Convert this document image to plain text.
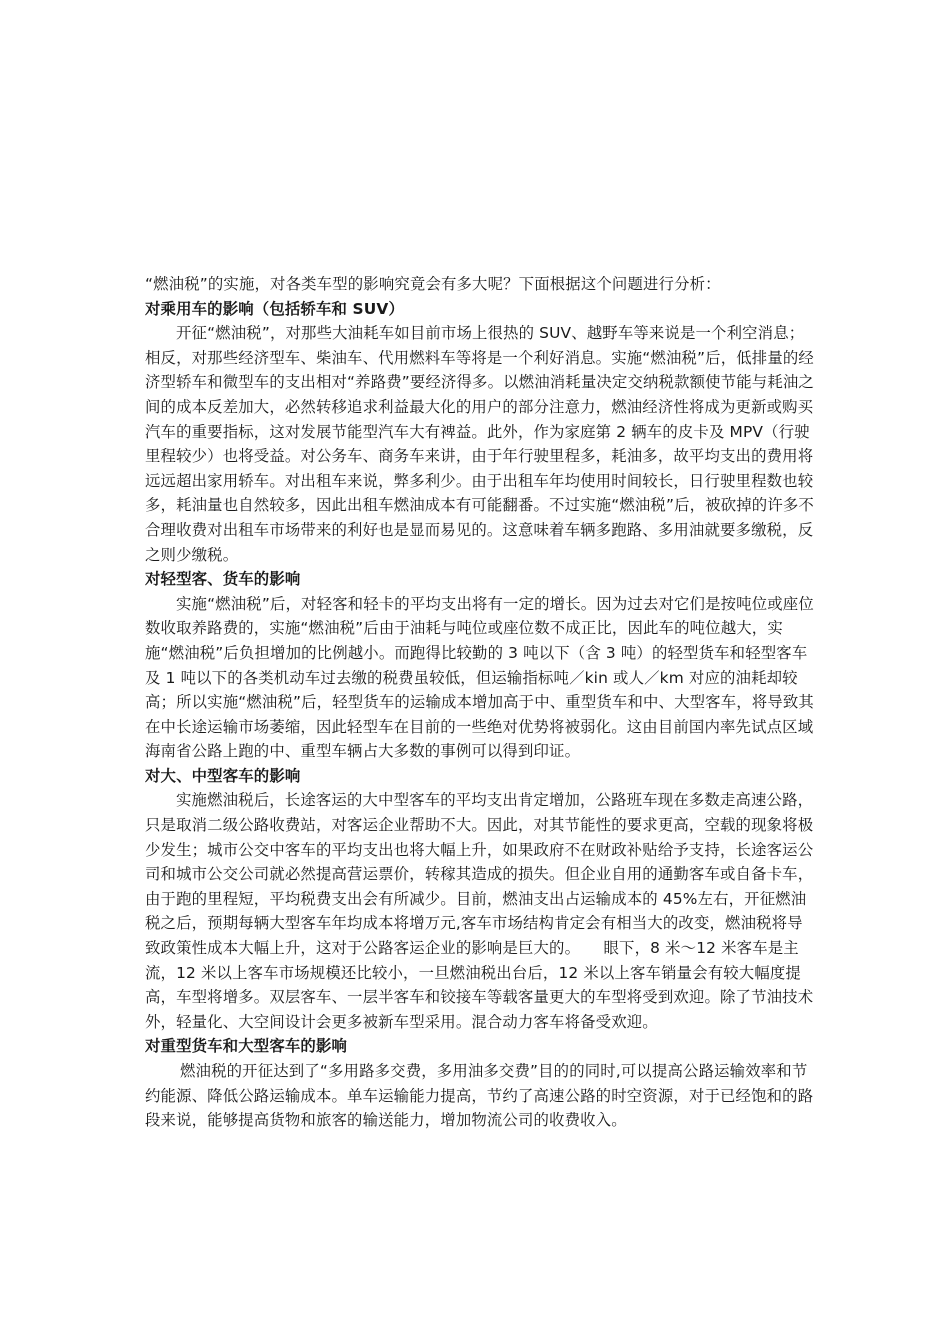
“燃油税”的实施，对各类车型的影响究竟会有多大呢？下面根据这个问题进行分析：

对乘用车的影响（包括轿车和 SUV）

开征“燃油税”，对那些大油耗车如目前市场上很热的 SUV、越野车等来说是一个利空消息；相反，对那些经济型车、柴油车、代用燃料车等将是一个利好消息。实施“燃油税”后，低排量的经济型轿车和微型车的支出相对“养路费”要经济得多。以燃油消耗量决定交纳税款额使节能与耗油之间的成本反差加大，必然转移追求利益最大化的用户的部分注意力，燃油经济性将成为更新或购买汽车的重要指标，这对发展节能型汽车大有裨益。此外，作为家庭第 2 辆车的皮卡及 MPV（行驶里程较少）也将受益。对公务车、商务车来讲，由于年行驶里程多，耗油多，故平均支出的费用将远远超出家用轿车。对出租车来说，弊多利少。由于出租车年均使用时间较长，日行驶里程数也较多，耗油量也自然较多，因此出租车燃油成本有可能翻番。不过实施“燃油税”后，被砍掉的许多不合理收费对出租车市场带来的利好也是显而易见的。这意味着车辆多跑路、多用油就要多缴税，反之则少缴税。

对轻型客、货车的影响

实施“燃油税”后，对轻客和轻卡的平均支出将有一定的增长。因为过去对它们是按吨位或座位数收取养路费的，实施“燃油税”后由于油耗与吨位或座位数不成正比，因此车的吨位越大，实施“燃油税”后负担增加的比例越小。而跑得比较勤的 3 吨以下（含 3 吨）的轻型货车和轻型客车及 1 吨以下的各类机动车过去缴的税费虽较低，但运输指标吨／kin 或人／km 对应的油耗却较高；所以实施“燃油税”后，轻型货车的运输成本增加高于中、重型货车和中、大型客车，将导致其在中长途运输市场萎缩，因此轻型车在目前的一些绝对优势将被弱化。这由目前国内率先试点区域海南省公路上跑的中、重型车辆占大多数的事例可以得到印证。

对大、中型客车的影响

实施燃油税后，长途客运的大中型客车的平均支出肯定增加，公路班车现在多数走高速公路，只是取消二级公路收费站，对客运企业帮助不大。因此，对其节能性的要求更高，空载的现象将极少发生；城市公交中客车的平均支出也将大幅上升，如果政府不在财政补贴给予支持，长途客运公司和城市公交公司就必然提高营运票价，转稼其造成的损失。但企业自用的通勤客车或自备卡车，由于跑的里程短，平均税费支出会有所减少。目前，燃油支出占运输成本的 45%左右，开征燃油税之后，预期每辆大型客车年均成本将增万元,客车市场结构肯定会有相当大的改变，燃油税将导致政策性成本大幅上升，这对于公路客运企业的影响是巨大的。　　眼下，8 米～12 米客车是主流，12 米以上客车市场规模还比较小，一旦燃油税出台后，12 米以上客车销量会有较大幅度提高，车型将增多。双层客车、一层半客车和铰接车等载客量更大的车型将受到欢迎。除了节油技术外，轻量化、大空间设计会更多被新车型采用。混合动力客车将备受欢迎。

对重型货车和大型客车的影响

燃油税的开征达到了“多用路多交费，多用油多交费”目的的同时,可以提高公路运输效率和节约能源、降低公路运输成本。单车运输能力提高，节约了高速公路的时空资源，对于已经饱和的路段来说，能够提高货物和旅客的输送能力，增加物流公司的收费收入。
